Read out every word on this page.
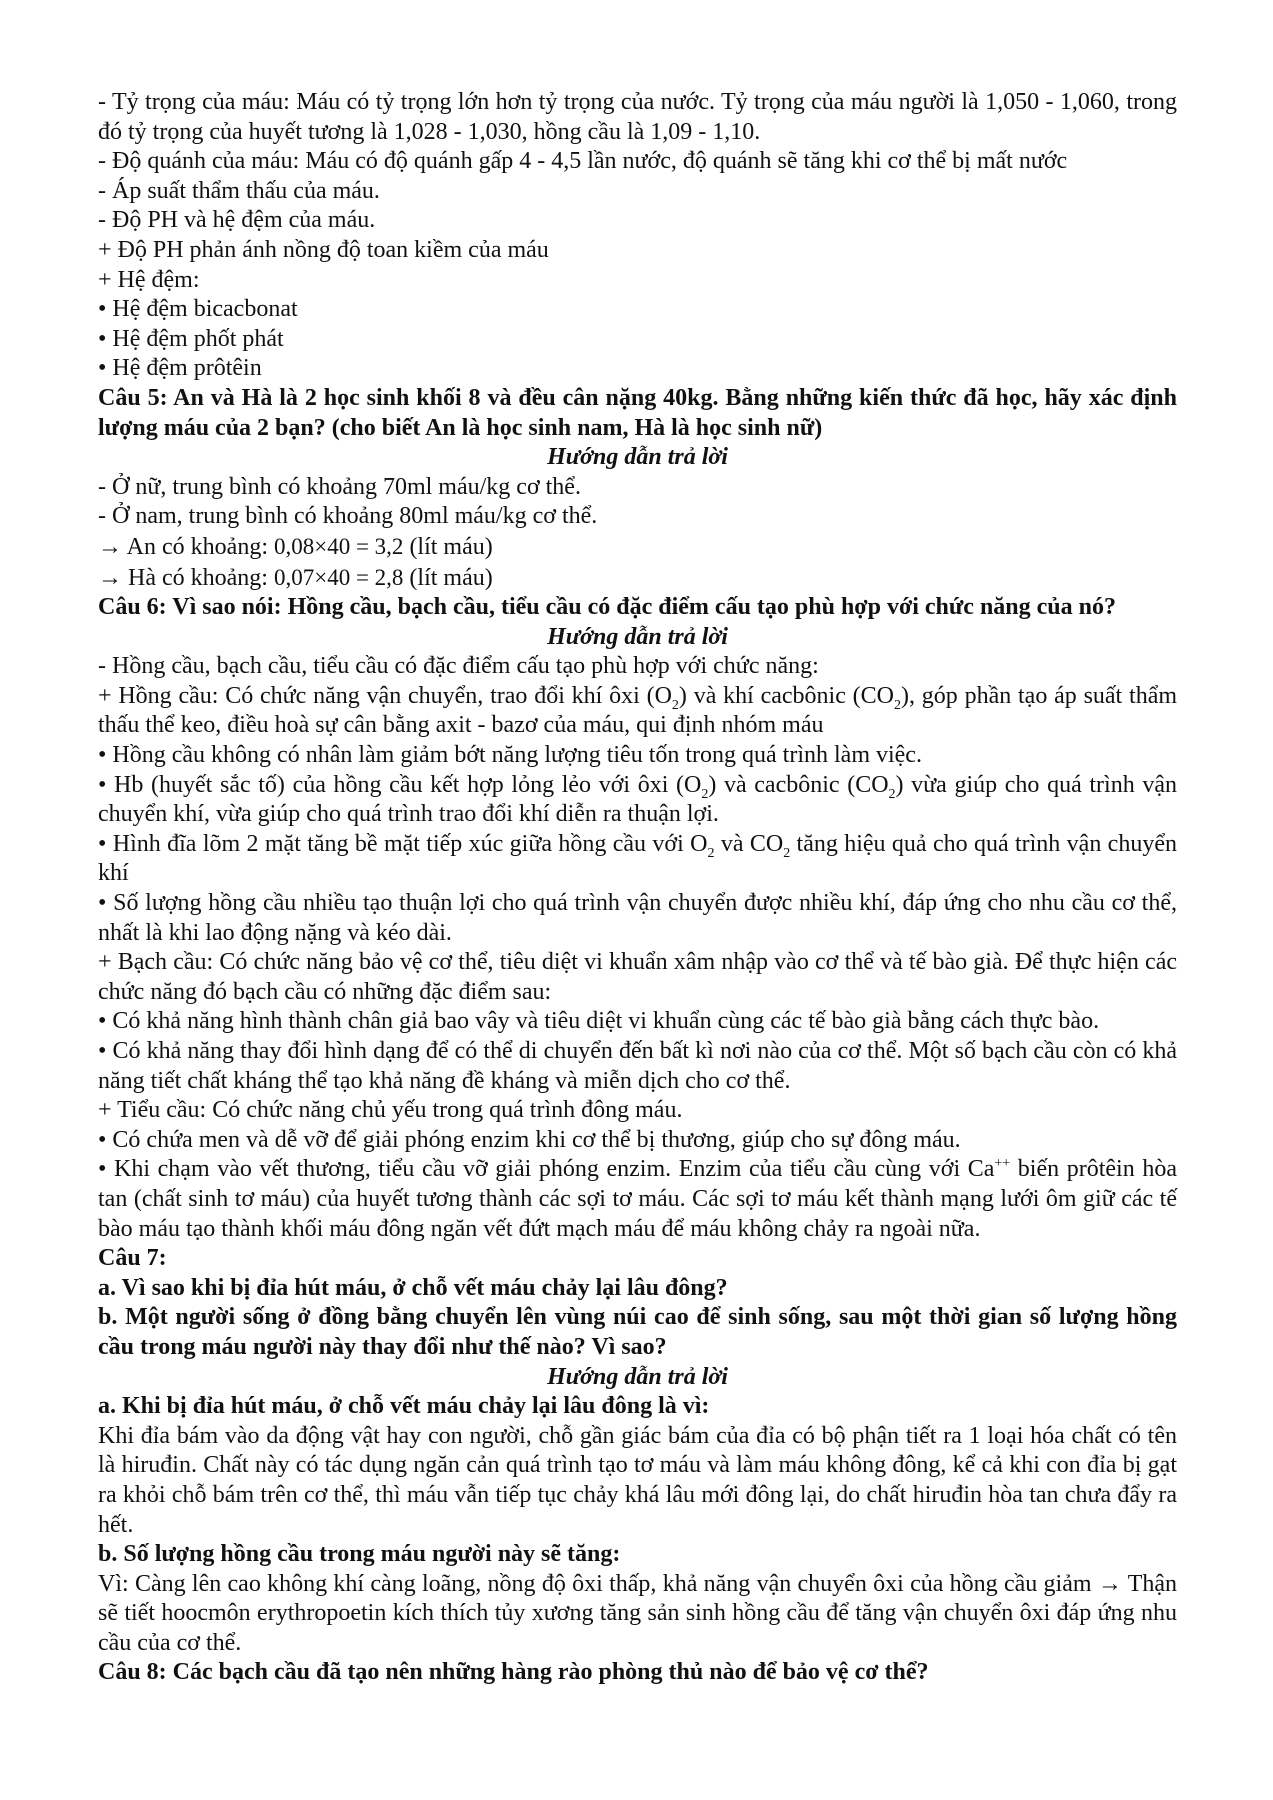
- Tỷ trọng của máu: Máu có tỷ trọng lớn hơn tỷ trọng của nước. Tỷ trọng của máu người là 1,050 - 1,060, trong đó tỷ trọng của huyết tương là 1,028 - 1,030, hồng cầu là 1,09 - 1,10.

- Độ quánh của máu: Máu có độ quánh gấp 4 - 4,5 lần nước, độ quánh sẽ tăng khi cơ thể bị mất nước

- Áp suất thẩm thấu của máu.

- Độ PH và hệ đệm của máu.

+ Độ PH phản ánh nồng độ toan kiềm của máu

+ Hệ đệm:

• Hệ đệm bicacbonat

• Hệ đệm phốt phát

• Hệ đệm prôtêin

Câu 5: An và Hà là 2 học sinh khối 8 và đều cân nặng 40kg. Bằng những kiến thức đã học, hãy xác định lượng máu của 2 bạn? (cho biết An là học sinh nam, Hà là học sinh nữ)

Hướng dẫn trả lời

- Ở nữ, trung bình có khoảng 70ml máu/kg cơ thể.

- Ở nam, trung bình có khoảng 80ml máu/kg cơ thể.

→ An có khoảng: 0,08×40 = 3,2 (lít máu)

→ Hà có khoảng: 0,07×40 = 2,8 (lít máu)

Câu 6: Vì sao nói: Hồng cầu, bạch cầu, tiểu cầu có đặc điểm cấu tạo phù hợp với chức năng của nó?

Hướng dẫn trả lời

- Hồng cầu, bạch cầu, tiểu cầu có đặc điểm cấu tạo phù hợp với chức năng:

+ Hồng cầu: Có chức năng vận chuyển, trao đổi khí ôxi $(O_2)$ và khí cacbônic $(CO_2)$, góp phần tạo áp suất thẩm thấu thể keo, điều hoà sự cân bằng axit - bazơ của máu, qui định nhóm máu

• Hồng cầu không có nhân làm giảm bớt năng lượng tiêu tốn trong quá trình làm việc.

• Hb (huyết sắc tố) của hồng cầu kết hợp lỏng lẻo với ôxi $(O_2)$ và cacbônic $(CO_2)$ vừa giúp cho quá trình vận chuyển khí, vừa giúp cho quá trình trao đổi khí diễn ra thuận lợi.

• Hình đĩa lõm 2 mặt tăng bề mặt tiếp xúc giữa hồng cầu với $O_2$ và $CO_2$ tăng hiệu quả cho quá trình vận chuyển khí

• Số lượng hồng cầu nhiều tạo thuận lợi cho quá trình vận chuyển được nhiều khí, đáp ứng cho nhu cầu cơ thể, nhất là khi lao động nặng và kéo dài.

+ Bạch cầu: Có chức năng bảo vệ cơ thể, tiêu diệt vi khuẩn xâm nhập vào cơ thể và tế bào già. Để thực hiện các chức năng đó bạch cầu có những đặc điểm sau:

• Có khả năng hình thành chân giả bao vây và tiêu diệt vi khuẩn cùng các tế bào già bằng cách thực bào.

• Có khả năng thay đổi hình dạng để có thể di chuyển đến bất kì nơi nào của cơ thể. Một số bạch cầu còn có khả năng tiết chất kháng thể tạo khả năng đề kháng và miễn dịch cho cơ thể.

+ Tiểu cầu: Có chức năng chủ yếu trong quá trình đông máu.

• Có chứa men và dễ vỡ để giải phóng enzim khi cơ thể bị thương, giúp cho sự đông máu.

• Khi chạm vào vết thương, tiểu cầu vỡ giải phóng enzim. Enzim của tiểu cầu cùng với Ca++ biến prôtêin hòa tan (chất sinh tơ máu) của huyết tương thành các sợi tơ máu. Các sợi tơ máu kết thành mạng lưới ôm giữ các tế bào máu tạo thành khối máu đông ngăn vết đứt mạch máu để máu không chảy ra ngoài nữa.

Câu 7:

a. Vì sao khi bị đỉa hút máu, ở chỗ vết máu chảy lại lâu đông?

b. Một người sống ở đồng bằng chuyển lên vùng núi cao để sinh sống, sau một thời gian số lượng hồng cầu trong máu người này thay đổi như thế nào? Vì sao?

Hướng dẫn trả lời

a. Khi bị đỉa hút máu, ở chỗ vết máu chảy lại lâu đông là vì:

Khi đỉa bám vào da động vật hay con người, chỗ gần giác bám của đỉa có bộ phận tiết ra 1 loại hóa chất có tên là hiruđin. Chất này có tác dụng ngăn cản quá trình tạo tơ máu và làm máu không đông, kể cả khi con đỉa bị gạt ra khỏi chỗ bám trên cơ thể, thì máu vẫn tiếp tục chảy khá lâu mới đông lại, do chất hiruđin hòa tan chưa đẩy ra hết.

b. Số lượng hồng cầu trong máu người này sẽ tăng:

Vì: Càng lên cao không khí càng loãng, nồng độ ôxi thấp, khả năng vận chuyển ôxi của hồng cầu giảm → Thận sẽ tiết hoocmôn erythropoetin kích thích tủy xương tăng sản sinh hồng cầu để tăng vận chuyển ôxi đáp ứng nhu cầu của cơ thể.

Câu 8: Các bạch cầu đã tạo nên những hàng rào phòng thủ nào để bảo vệ cơ thể?
